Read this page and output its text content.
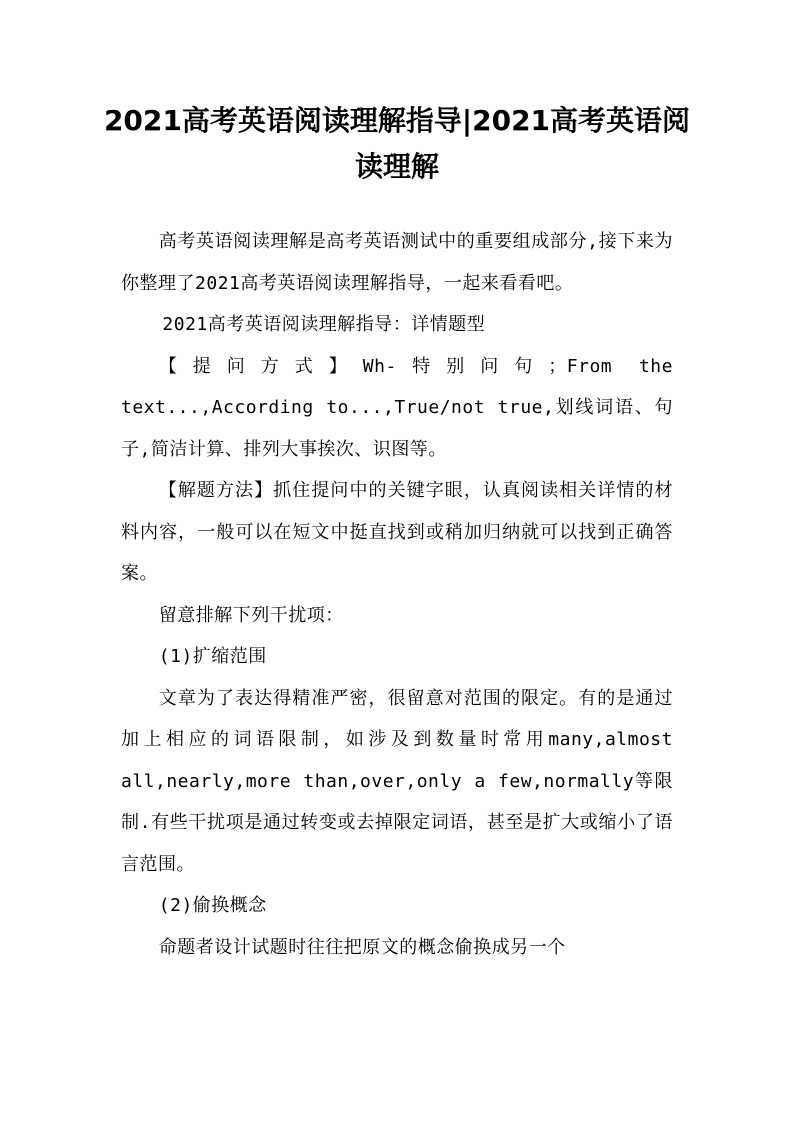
2021高考英语阅读理解指导|2021高考英语阅读理解

高考英语阅读理解是高考英语测试中的重要组成部分,接下来为你整理了2021高考英语阅读理解指导，一起来看看吧。

2021高考英语阅读理解指导：详情题型

【提问方式】Wh-特别问句；From the text...,According to...,True/not true,划线词语、句子,简洁计算、排列大事挨次、识图等。

【解题方法】抓住提问中的关键字眼，认真阅读相关详情的材料内容，一般可以在短文中挺直找到或稍加归纳就可以找到正确答案。

留意排解下列干扰项：

(1)扩缩范围

文章为了表达得精准严密，很留意对范围的限定。有的是通过加上相应的词语限制，如涉及到数量时常用many,almost all,nearly,more than,over,only a few,normally等限制.有些干扰项是通过转变或去掉限定词语，甚至是扩大或缩小了语言范围。

(2)偷换概念

命题者设计试题时往往把原文的概念偷换成另一个
